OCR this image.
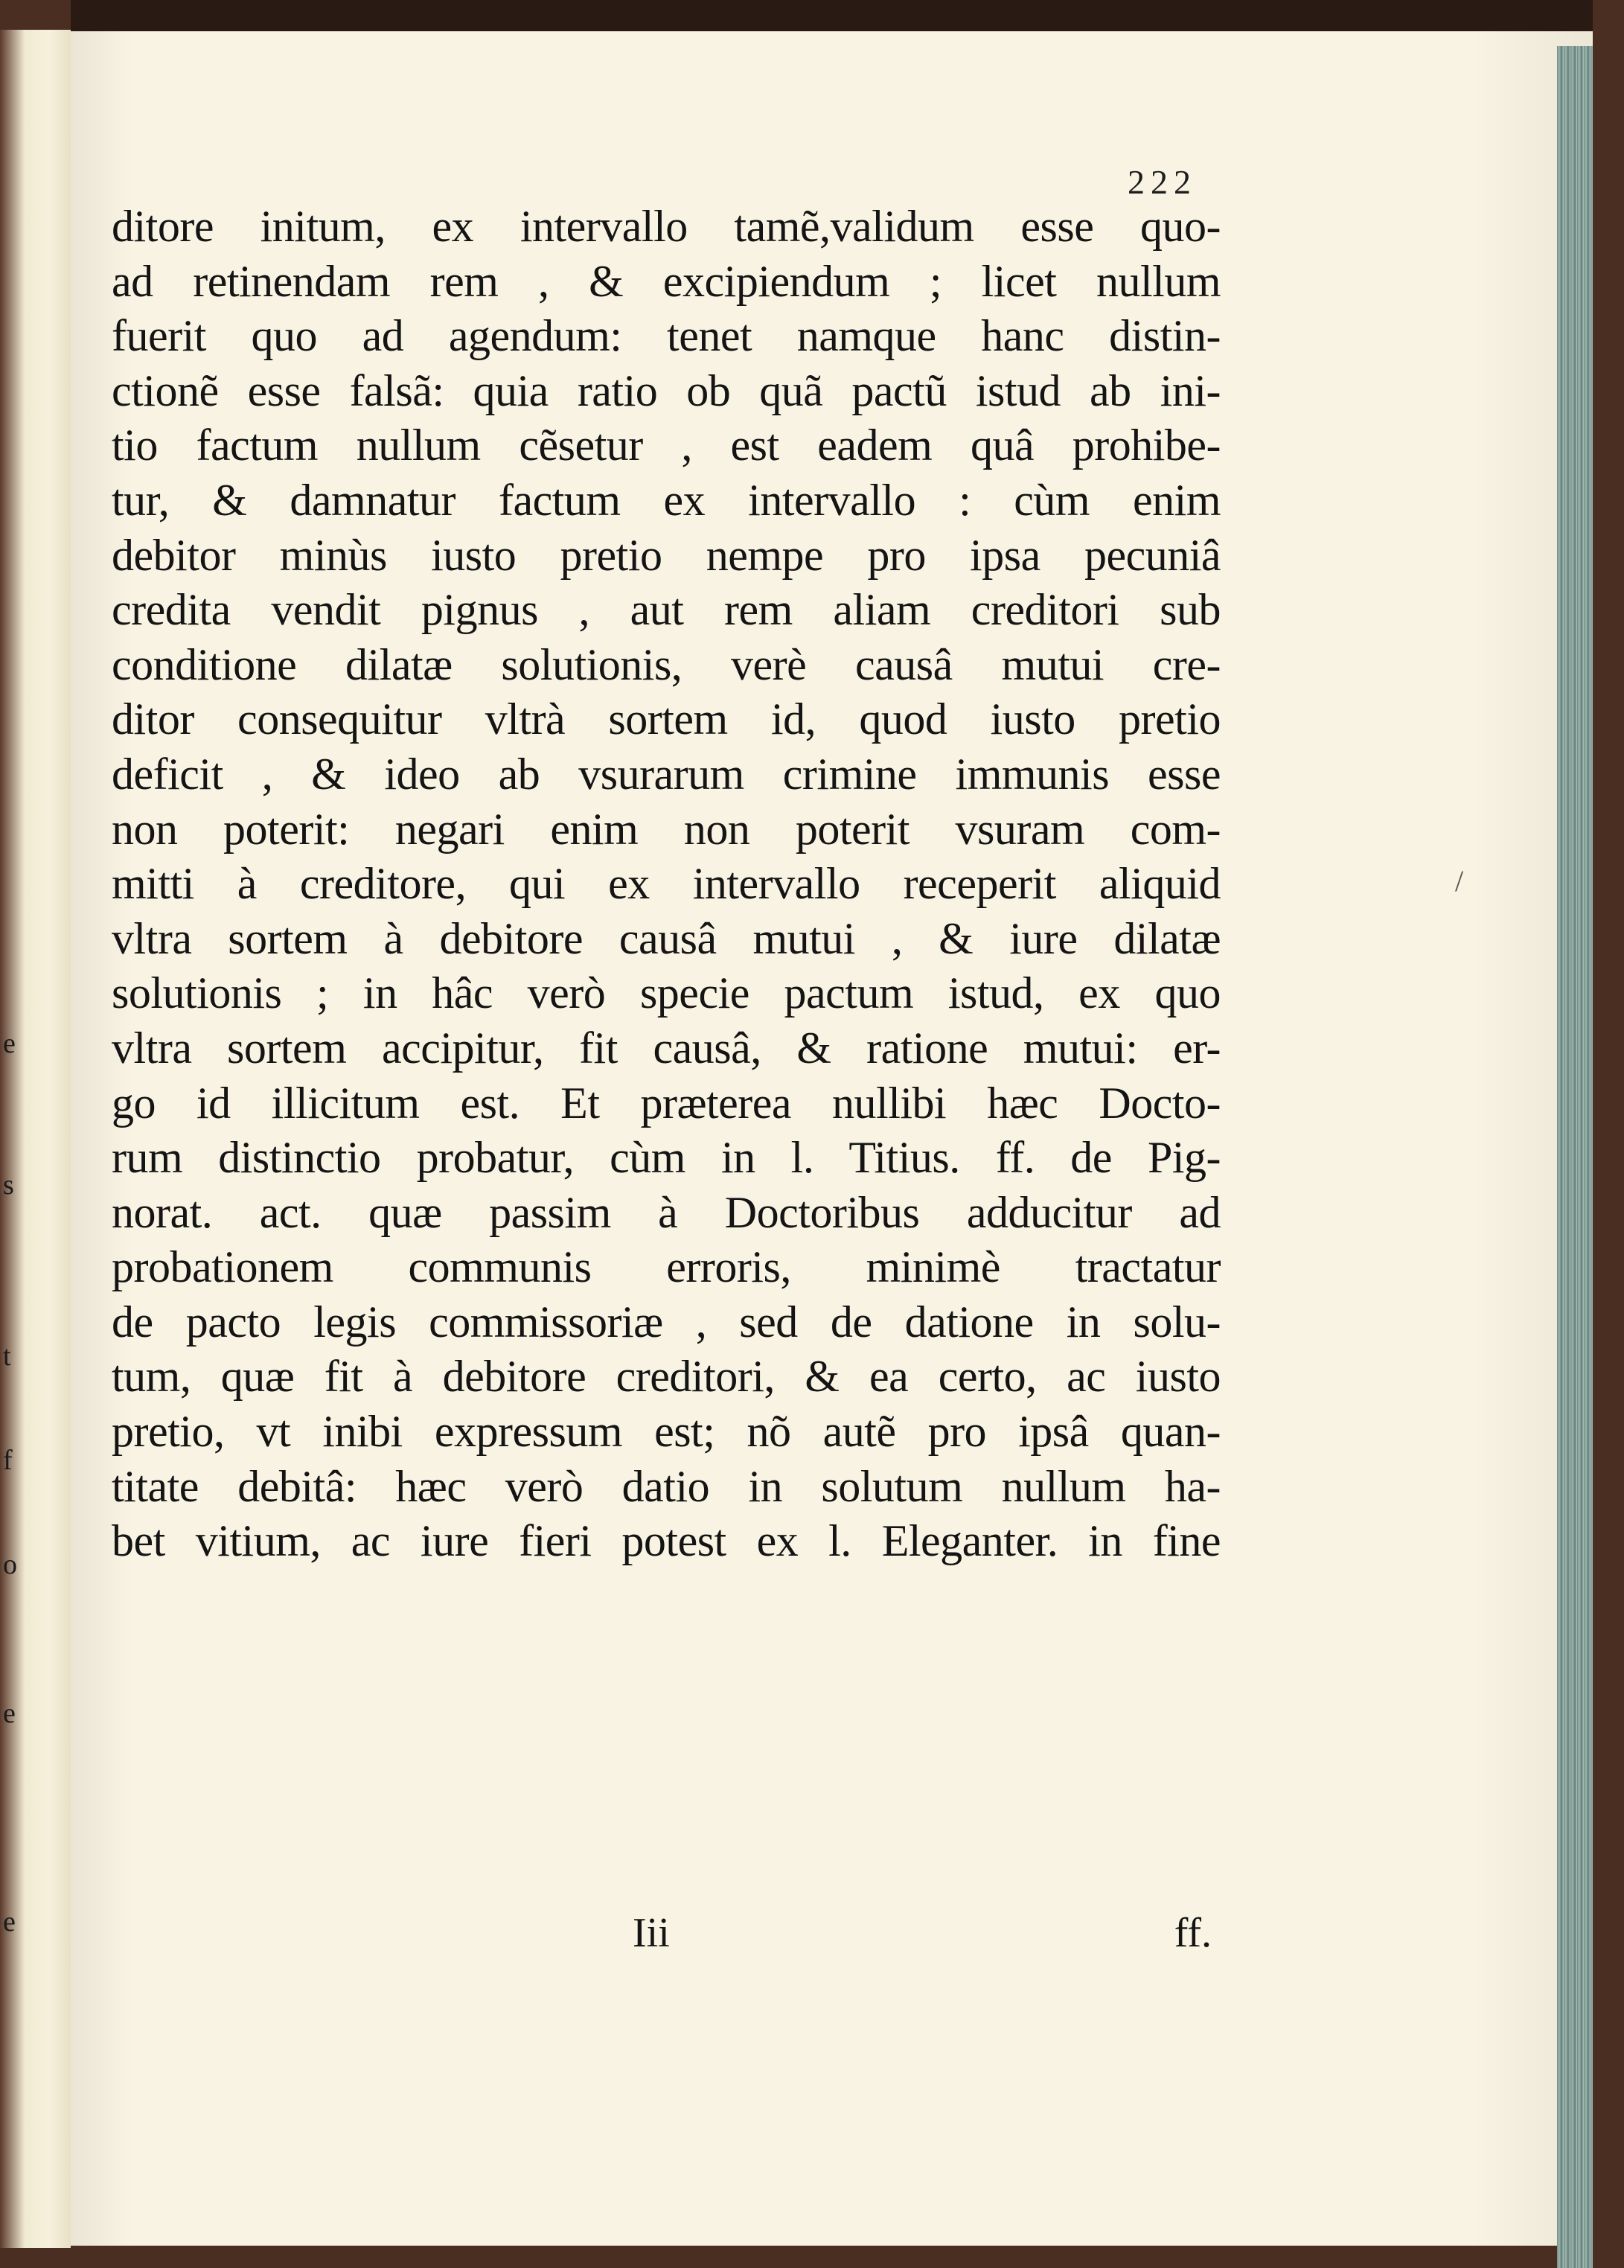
e
s
t
f
o
e
e
222
/
ditore initum, ex intervallo tamẽ,validum esse quo-
ad retinendam rem , & excipiendum ; licet nullum
fuerit quo ad agendum: tenet namque hanc distin-
ctionẽ esse falsã: quia ratio ob quã pactũ istud ab ini-
tio factum nullum cẽsetur , est eadem quâ prohibe-
tur, & damnatur factum ex intervallo : cùm enim
debitor minùs iusto pretio nempe pro ipsa pecuniâ
credita vendit pignus , aut rem aliam creditori sub
conditione dilatæ solutionis, verè causâ mutui cre-
ditor consequitur vltrà sortem id, quod iusto pretio
deficit , & ideo ab vsurarum crimine immunis esse
non poterit: negari enim non poterit vsuram com-
mitti à creditore, qui ex intervallo receperit aliquid
vltra sortem à debitore causâ mutui , & iure dilatæ
solutionis ; in hâc verò specie pactum istud, ex quo
vltra sortem accipitur, fit causâ, & ratione mutui: er-
go id illicitum est. Et præterea nullibi hæc Docto-
rum distinctio probatur, cùm in l. Titius. ff. de Pig-
norat. act. quæ passim à Doctoribus adducitur ad
probationem communis erroris, minimè tractatur
de pacto legis commissoriæ , sed de datione in solu-
tum, quæ fit à debitore creditori, & ea certo, ac iusto
pretio, vt inibi expressum est; nõ autẽ pro ipsâ quan-
titate debitâ: hæc verò datio in solutum nullum ha-
bet vitium, ac iure fieri potest ex l. Eleganter. in fine
Iii	ff.
